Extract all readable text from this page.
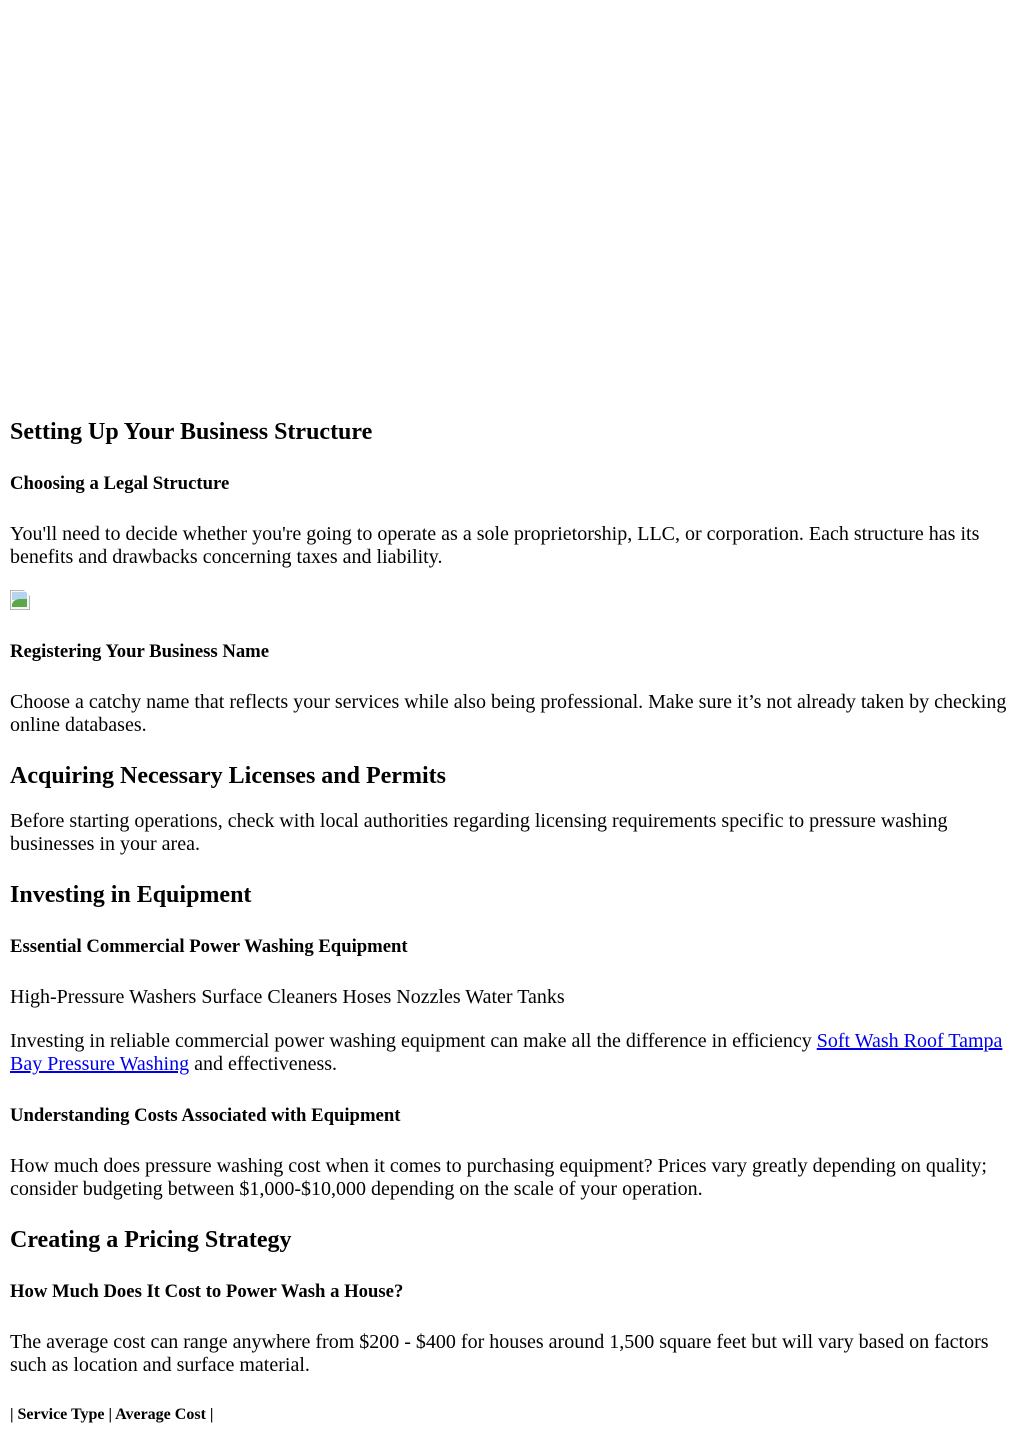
Setting Up Your Business Structure
Choosing a Legal Structure

You'll need to decide whether you're going to operate as a sole proprietorship, LLC, or corporation. Each structure has its benefits and drawbacks concerning taxes and liability.

Registering Your Business Name

Choose a catchy name that reflects your services while also being professional. Make sure it’s not already taken by checking online databases.

Acquiring Necessary Licenses and Permits

Before starting operations, check with local authorities regarding licensing requirements specific to pressure washing businesses in your area.

Investing in Equipment
Essential Commercial Power Washing Equipment

High-Pressure Washers Surface Cleaners Hoses Nozzles Water Tanks

Investing in reliable commercial power washing equipment can make all the difference in efficiency Soft Wash Roof Tampa Bay Pressure Washing and effectiveness.

Understanding Costs Associated with Equipment

How much does pressure washing cost when it comes to purchasing equipment? Prices vary greatly depending on quality; consider budgeting between $1,000-$10,000 depending on the scale of your operation.

Creating a Pricing Strategy
How Much Does It Cost to Power Wash a House?

The average cost can range anywhere from $200 - $400 for houses around 1,500 square feet but will vary based on factors such as location and surface material.

| Service Type | Average Cost |
